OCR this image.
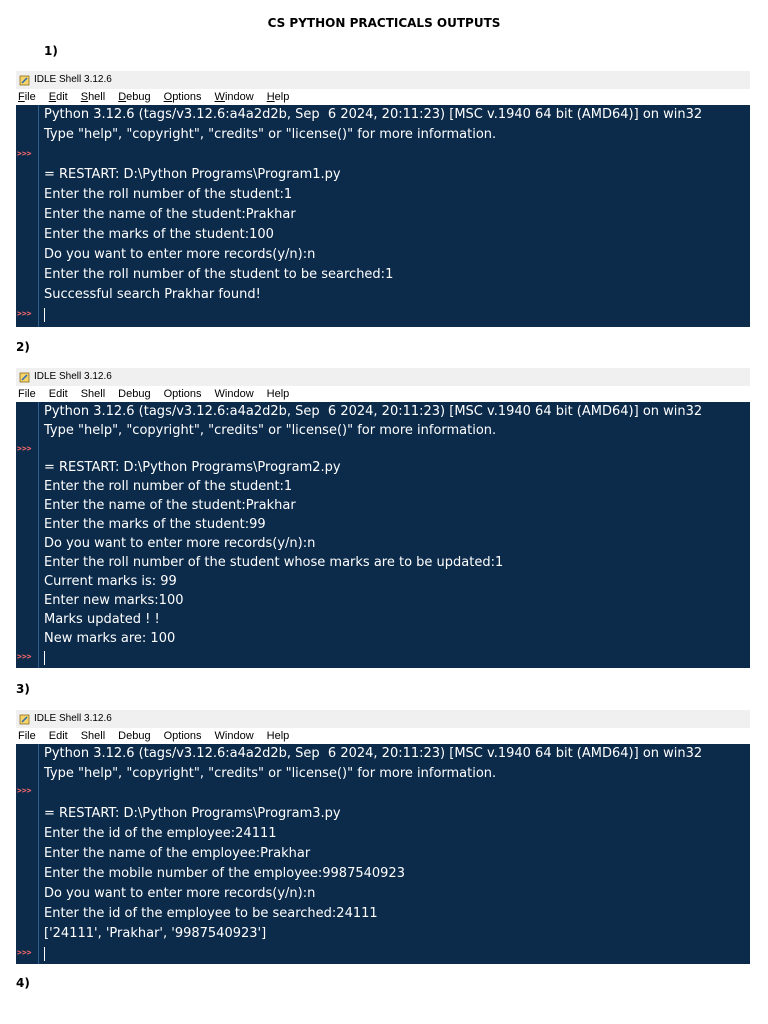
CS PYTHON PRACTICALS OUTPUTS
1)
IDLE Shell 3.12.6
File Edit Shell Debug Options Window Help
>>>
>>>
Python 3.12.6 (tags/v3.12.6:a4a2d2b, Sep  6 2024, 20:11:23) [MSC v.1940 64 bit (AMD64)] on win32
Type "help", "copyright", "credits" or "license()" for more information.
= RESTART: D:\Python Programs\Program1.py
Enter the roll number of the student:1
Enter the name of the student:Prakhar
Enter the marks of the student:100
Do you want to enter more records(y/n):n
Enter the roll number of the student to be searched:1
Successful search Prakhar found!
2)
IDLE Shell 3.12.6
File Edit Shell Debug Options Window Help
>>>
>>>
Python 3.12.6 (tags/v3.12.6:a4a2d2b, Sep  6 2024, 20:11:23) [MSC v.1940 64 bit (AMD64)] on win32
Type "help", "copyright", "credits" or "license()" for more information.
= RESTART: D:\Python Programs\Program2.py
Enter the roll number of the student:1
Enter the name of the student:Prakhar
Enter the marks of the student:99
Do you want to enter more records(y/n):n
Enter the roll number of the student whose marks are to be updated:1
Current marks is: 99
Enter new marks:100
Marks updated ! !
New marks are: 100
3)
IDLE Shell 3.12.6
File Edit Shell Debug Options Window Help
>>>
>>>
Python 3.12.6 (tags/v3.12.6:a4a2d2b, Sep  6 2024, 20:11:23) [MSC v.1940 64 bit (AMD64)] on win32
Type "help", "copyright", "credits" or "license()" for more information.
= RESTART: D:\Python Programs\Program3.py
Enter the id of the employee:24111
Enter the name of the employee:Prakhar
Enter the mobile number of the employee:9987540923
Do you want to enter more records(y/n):n
Enter the id of the employee to be searched:24111
['24111', 'Prakhar', '9987540923']
4)
